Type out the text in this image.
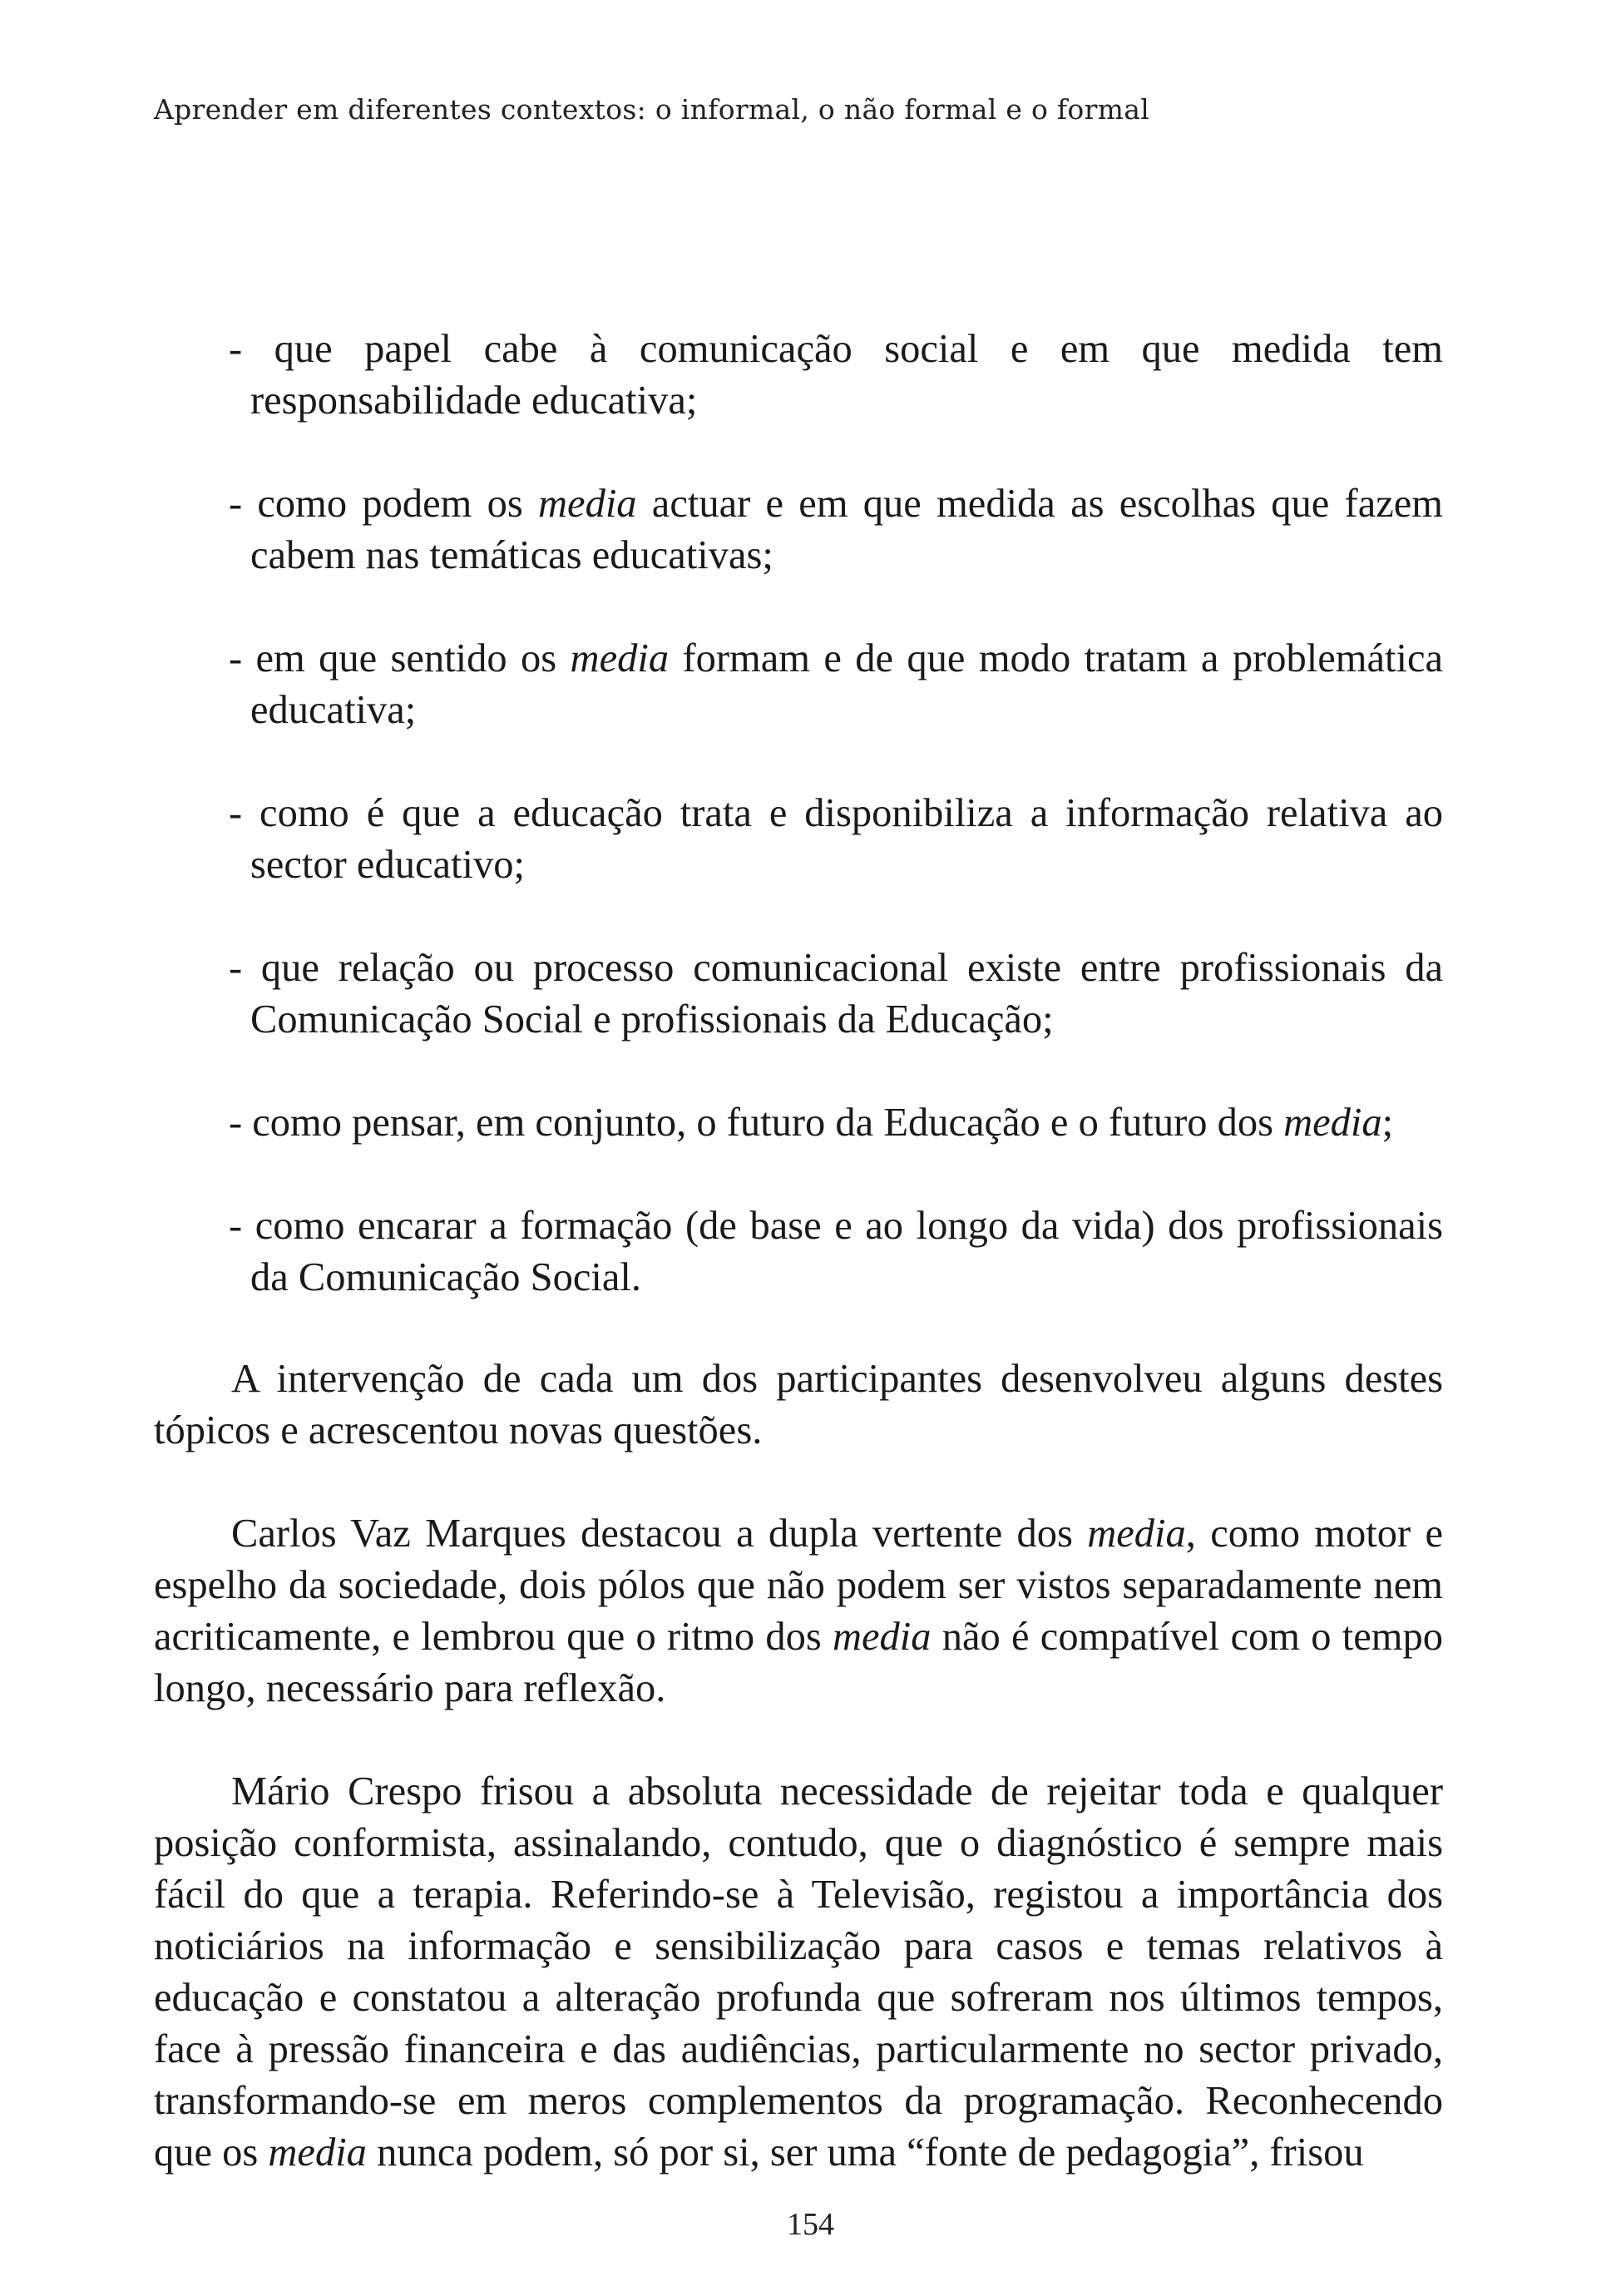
Aprender em diferentes contextos: o informal, o não formal e o formal

- que papel cabe à comunicação social e em que medida tem responsabilidade educativa;

- como podem os media actuar e em que medida as escolhas que fazem cabem nas temáticas educativas;

- em que sentido os media formam e de que modo tratam a problemática educativa;

- como é que a educação trata e disponibiliza a informação relativa ao sector educativo;

- que relação ou processo comunicacional existe entre profissionais da Comunicação Social e profissionais da Educação;

- como pensar, em conjunto, o futuro da Educação e o futuro dos media;

- como encarar a formação (de base e ao longo da vida) dos profissionais da Comunicação Social.

A intervenção de cada um dos participantes desenvolveu alguns destes tópicos e acrescentou novas questões.

Carlos Vaz Marques destacou a dupla vertente dos media, como motor e espelho da sociedade, dois pólos que não podem ser vistos separadamente nem acriticamente, e lembrou que o ritmo dos media não é compatível com o tempo longo, necessário para reflexão.

Mário Crespo frisou a absoluta necessidade de rejeitar toda e qualquer posição conformista, assinalando, contudo, que o diagnóstico é sempre mais fácil do que a terapia. Referindo-se à Televisão, registou a importância dos noticiários na informação e sensibilização para casos e temas relativos à educação e constatou a alteração profunda que sofreram nos últimos tempos, face à pressão financeira e das audiências, particularmente no sector privado, transformando-se em meros complementos da programação. Reconhecendo que os media nunca podem, só por si, ser uma “fonte de pedagogia”, frisou

154
